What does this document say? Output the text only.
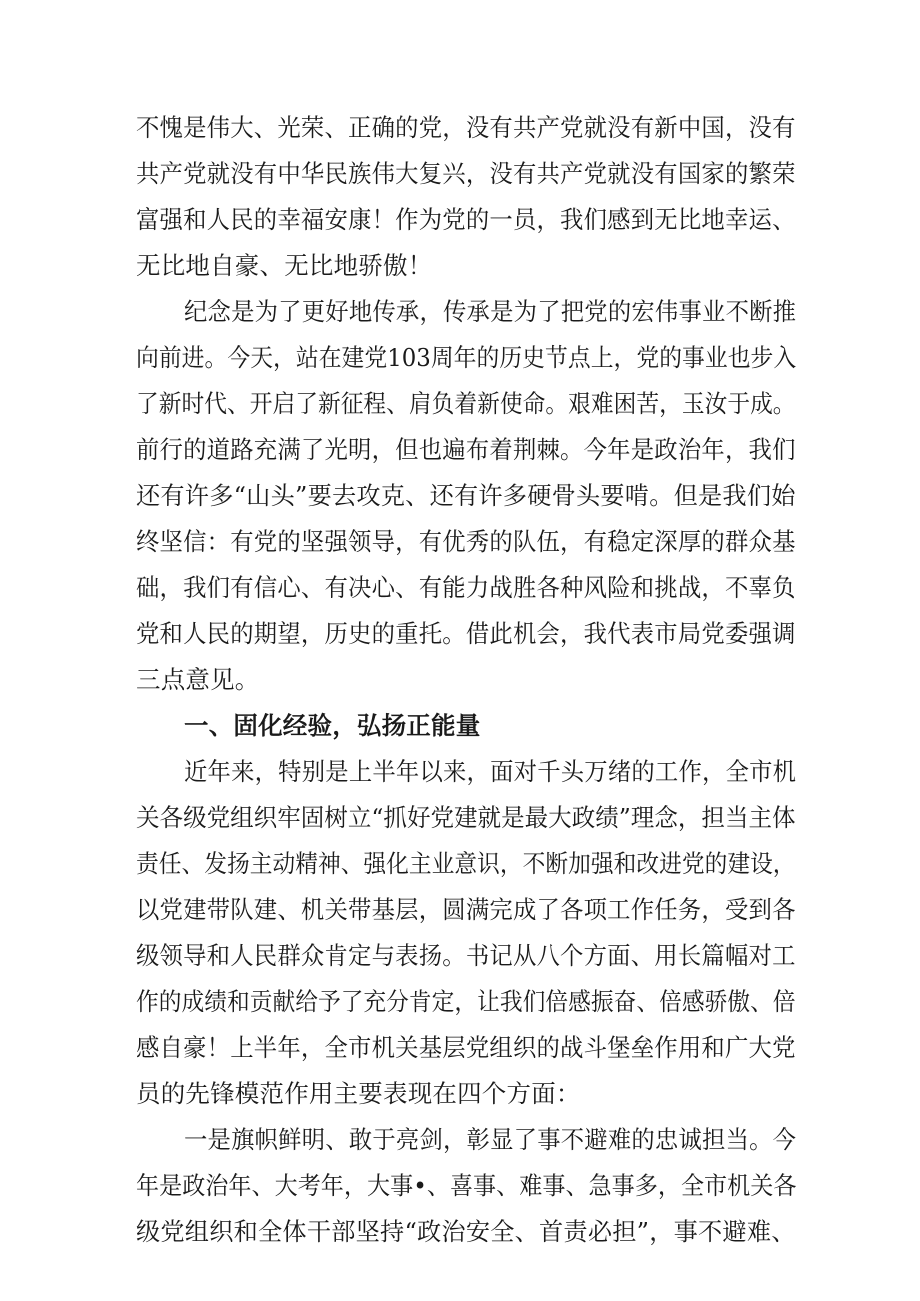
不愧是伟大、光荣、正确的党，没有共产党就没有新中国，没有
共产党就没有中华民族伟大复兴，没有共产党就没有国家的繁荣
富强和人民的幸福安康！作为党的一员，我们感到无比地幸运、
无比地自豪、无比地骄傲！
纪念是为了更好地传承，传承是为了把党的宏伟事业不断推
向前进。今天，站在建党103周年的历史节点上，党的事业也步入
了新时代、开启了新征程、肩负着新使命。艰难困苦，玉汝于成。
前行的道路充满了光明，但也遍布着荆棘。今年是政治年，我们
还有许多“山头”要去攻克、还有许多硬骨头要啃。但是我们始
终坚信：有党的坚强领导，有优秀的队伍，有稳定深厚的群众基
础，我们有信心、有决心、有能力战胜各种风险和挑战，不辜负
党和人民的期望，历史的重托。借此机会，我代表市局党委强调
三点意见。
一、固化经验，弘扬正能量
近年来，特别是上半年以来，面对千头万绪的工作，全市机
关各级党组织牢固树立“抓好党建就是最大政绩”理念，担当主体
责任、发扬主动精神、强化主业意识，不断加强和改进党的建设，
以党建带队建、机关带基层，圆满完成了各项工作任务，受到各
级领导和人民群众肯定与表扬。书记从八个方面、用长篇幅对工
作的成绩和贡献给予了充分肯定，让我们倍感振奋、倍感骄傲、倍
感自豪！上半年，全市机关基层党组织的战斗堡垒作用和广大党
员的先锋模范作用主要表现在四个方面：
一是旗帜鲜明、敢于亮剑，彰显了事不避难的忠诚担当。今
年是政治年、大考年，大事•、喜事、难事、急事多，全市机关各
级党组织和全体干部坚持“政治安全、首责必担”，事不避难、
